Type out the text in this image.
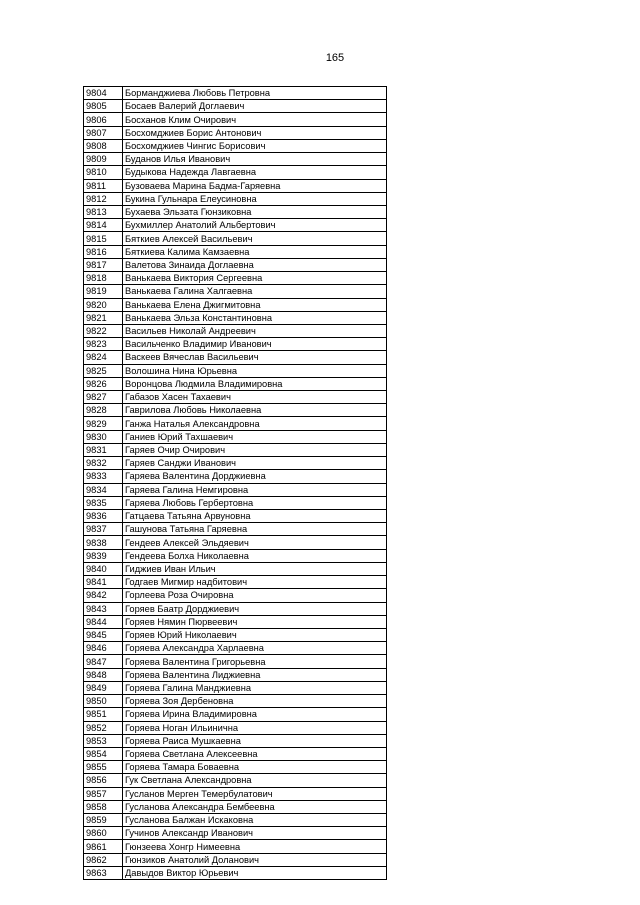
165
9804	Борманджиева Любовь Петровна
9805	Босаев Валерий Доглаевич
9806	Босханов Клим Очирович
9807	Босхомджиев Борис Антонович
9808	Босхомджиев Чингис Борисович
9809	Буданов Илья Иванович
9810	Будыкова Надежда Лавгаевна
9811	Бузоваева Марина Бадма-Гаряевна
9812	Букина Гульнара Елеусиновна
9813	Бухаева Эльзата Гюнзиковна
9814	Бухмиллер Анатолий Альбертович
9815	Бяткиев Алексей Васильевич
9816	Бяткиева Калима Камзаевна
9817	Валетова Зинаида Доглаевна
9818	Ванькаева Виктория Сергеевна
9819	Ванькаева Галина Халгаевна
9820	Ванькаева Елена Джигмитовна
9821	Ванькаева Эльза Константиновна
9822	Васильев Николай Андреевич
9823	Васильченко Владимир Иванович
9824	Васкеев Вячеслав Васильевич
9825	Волошина Нина Юрьевна
9826	Воронцова Людмила Владимировна
9827	Габазов Хасен Тахаевич
9828	Гаврилова Любовь Николаевна
9829	Ганжа Наталья Александровна
9830	Ганиев Юрий Тахшаевич
9831	Гаряев Очир Очирович
9832	Гаряев Санджи Иванович
9833	Гаряева Валентина Дорджиевна
9834	Гаряева Галина Немгировна
9835	Гаряева Любовь Гербертовна
9836	Гатцаева Татьяна Арвуновна
9837	Гашунова Татьяна Гаряевна
9838	Гендеев Алексей Эльдяевич
9839	Гендеева Болха Николаевна
9840	Гиджиев Иван Ильич
9841	Годгаев Мигмир надбитович
9842	Горлеева Роза Очировна
9843	Горяев Баатр Дорджиевич
9844	Горяев Нямин Пюрвеевич
9845	Горяев Юрий Николаевич
9846	Горяева Александра Харлаевна
9847	Горяева Валентина Григорьевна
9848	Горяева Валентина Лиджиевна
9849	Горяева Галина Манджиевна
9850	Горяева Зоя Дербеновна
9851	Горяева Ирина Владимировна
9852	Горяева Ноган Ильинична
9853	Горяева Раиса Мушкаевна
9854	Горяева Светлана Алексеевна
9855	Горяева Тамара Боваевна
9856	Гук Светлана Александровна
9857	Гусланов Мерген Темербулатович
9858	Гусланова Александра Бембеевна
9859	Гусланова Балжан Искаковна
9860	Гучинов Александр Иванович
9861	Гюнзеева Хонгр Нимеевна
9862	Гюнзиков Анатолий Доланович
9863	Давыдов Виктор Юрьевич
